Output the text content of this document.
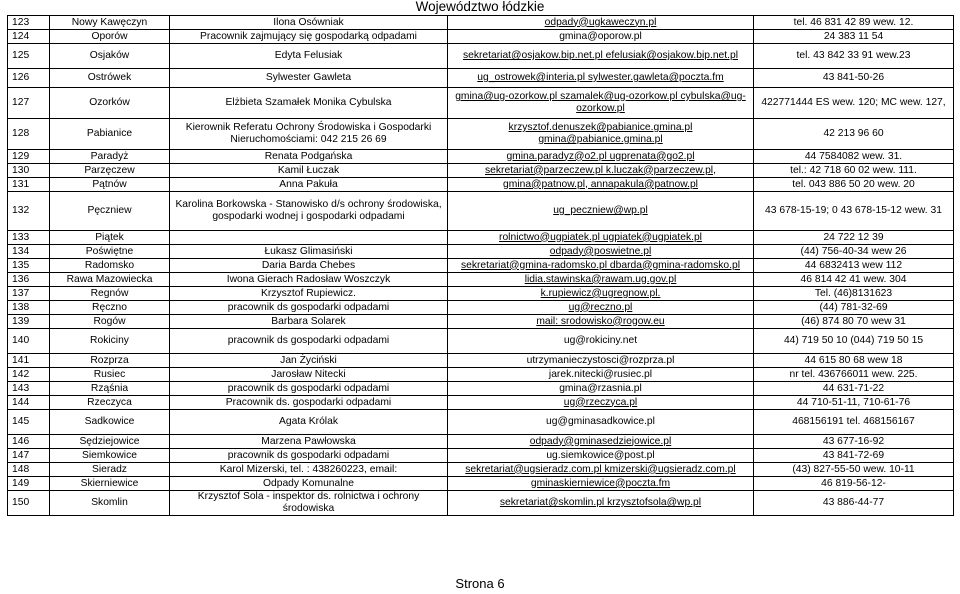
Województwo łódzkie
123	Nowy Kawęczyn	Ilona Osówniak	odpady@ugkaweczyn.pl	tel. 46 831 42 89 wew. 12.
124	Oporów	Pracownik zajmujący się gospodarką odpadami	gmina@oporow.pl	24 383 11 54
125	Osjaków	Edyta Felusiak	sekretariat@osjakow.bip.net.pl efelusiak@osjakow.bip.net.pl	tel. 43 842 33 91 wew.23
126	Ostrówek	Sylwester Gawleta	ug_ostrowek@interia.pl sylwester.gawleta@poczta.fm	43 841-50-26
127	Ozorków	Elżbieta Szamałek Monika Cybulska	gmina@ug-ozorkow.pl szamalek@ug-ozorkow.pl cybulska@ug-ozorkow.pl	422771444 ES wew. 120; MC wew. 127,
128	Pabianice	Kierownik Referatu Ochrony Środowiska i Gospodarki Nieruchomościami: 042 215 26 69	krzysztof.denuszek@pabianice.gmina.pl gmina@pabianice.gmina.pl	42 213 96 60
129	Paradyż	Renata Podgańska	gmina.paradyz@o2.pl ugprenata@go2.pl	44 7584082 wew. 31.
130	Parzęczew	Kamil Łuczak	sekretariat@parzeczew.pl k.luczak@parzeczew.pl,	tel.: 42 718 60 02 wew. 111.
131	Pątnów	Anna Pakuła	gmina@patnow.pl, annapakula@patnow.pl	tel. 043 886 50 20 wew. 20
132	Pęczniew	Karolina Borkowska - Stanowisko d/s ochrony środowiska, gospodarki wodnej i gospodarki odpadami	ug_peczniew@wp.pl	43 678-15-19; 0 43 678-15-12 wew. 31
133	Piątek		rolnictwo@ugpiatek.pl ugpiatek@ugpiatek.pl	24 722 12 39
134	Poświętne	Łukasz Glimasiński	odpady@poswietne.pl	(44) 756-40-34 wew 26
135	Radomsko	Daria Barda Chebes	sekretariat@gmina-radomsko.pl dbarda@gmina-radomsko.pl	44 6832413 wew 112
136	Rawa Mazowiecka	Iwona Gierach Radosław Woszczyk	lidia.stawinska@rawam.ug.gov.pl	46 814 42 41 wew. 304
137	Regnów	Krzysztof Rupiewicz.	k.rupiewicz@ugregnow.pl.	Tel. (46)8131623
138	Ręczno	pracownik ds gospodarki odpadami	ug@reczno.pl	(44) 781-32-69
139	Rogów	Barbara Solarek	mail: srodowisko@rogow.eu	(46) 874 80 70 wew 31
140	Rokiciny	pracownik ds gospodarki odpadami	ug@rokiciny.net	44) 719 50 10 (044) 719 50 15
141	Rozprza	Jan Życiński	utrzymanieczystosci@rozprza.pl	44 615 80 68 wew 18
142	Rusiec	Jarosław Nitecki	jarek.nitecki@rusiec.pl	nr tel. 436766011 wew. 225.
143	Rząśnia	pracownik ds gospodarki odpadami	gmina@rzasnia.pl	44 631-71-22
144	Rzeczyca	Pracownik ds. gospodarki odpadami	ug@rzeczyca.pl	44 710-51-11, 710-61-76
145	Sadkowice	Agata Królak	ug@gminasadkowice.pl	468156191 tel. 468156167
146	Sędziejowice	Marzena Pawłowska	odpady@gminasedziejowice.pl	43 677-16-92
147	Siemkowice	pracownik ds gospodarki odpadami	ug.siemkowice@post.pl	43 841-72-69
148	Sieradz	Karol Mizerski, tel. : 438260223, email:	sekretariat@ugsieradz.com.pl kmizerski@ugsieradz.com.pl	(43) 827-55-50 wew. 10-11
149	Skierniewice	Odpady Komunalne	gminaskierniewice@poczta.fm	46 819-56-12-
150	Skomlin	Krzysztof Sola - inspektor ds. rolnictwa i ochrony środowiska	sekretariat@skomlin.pl krzysztofsola@wp.pl	43 886-44-77
Strona 6
